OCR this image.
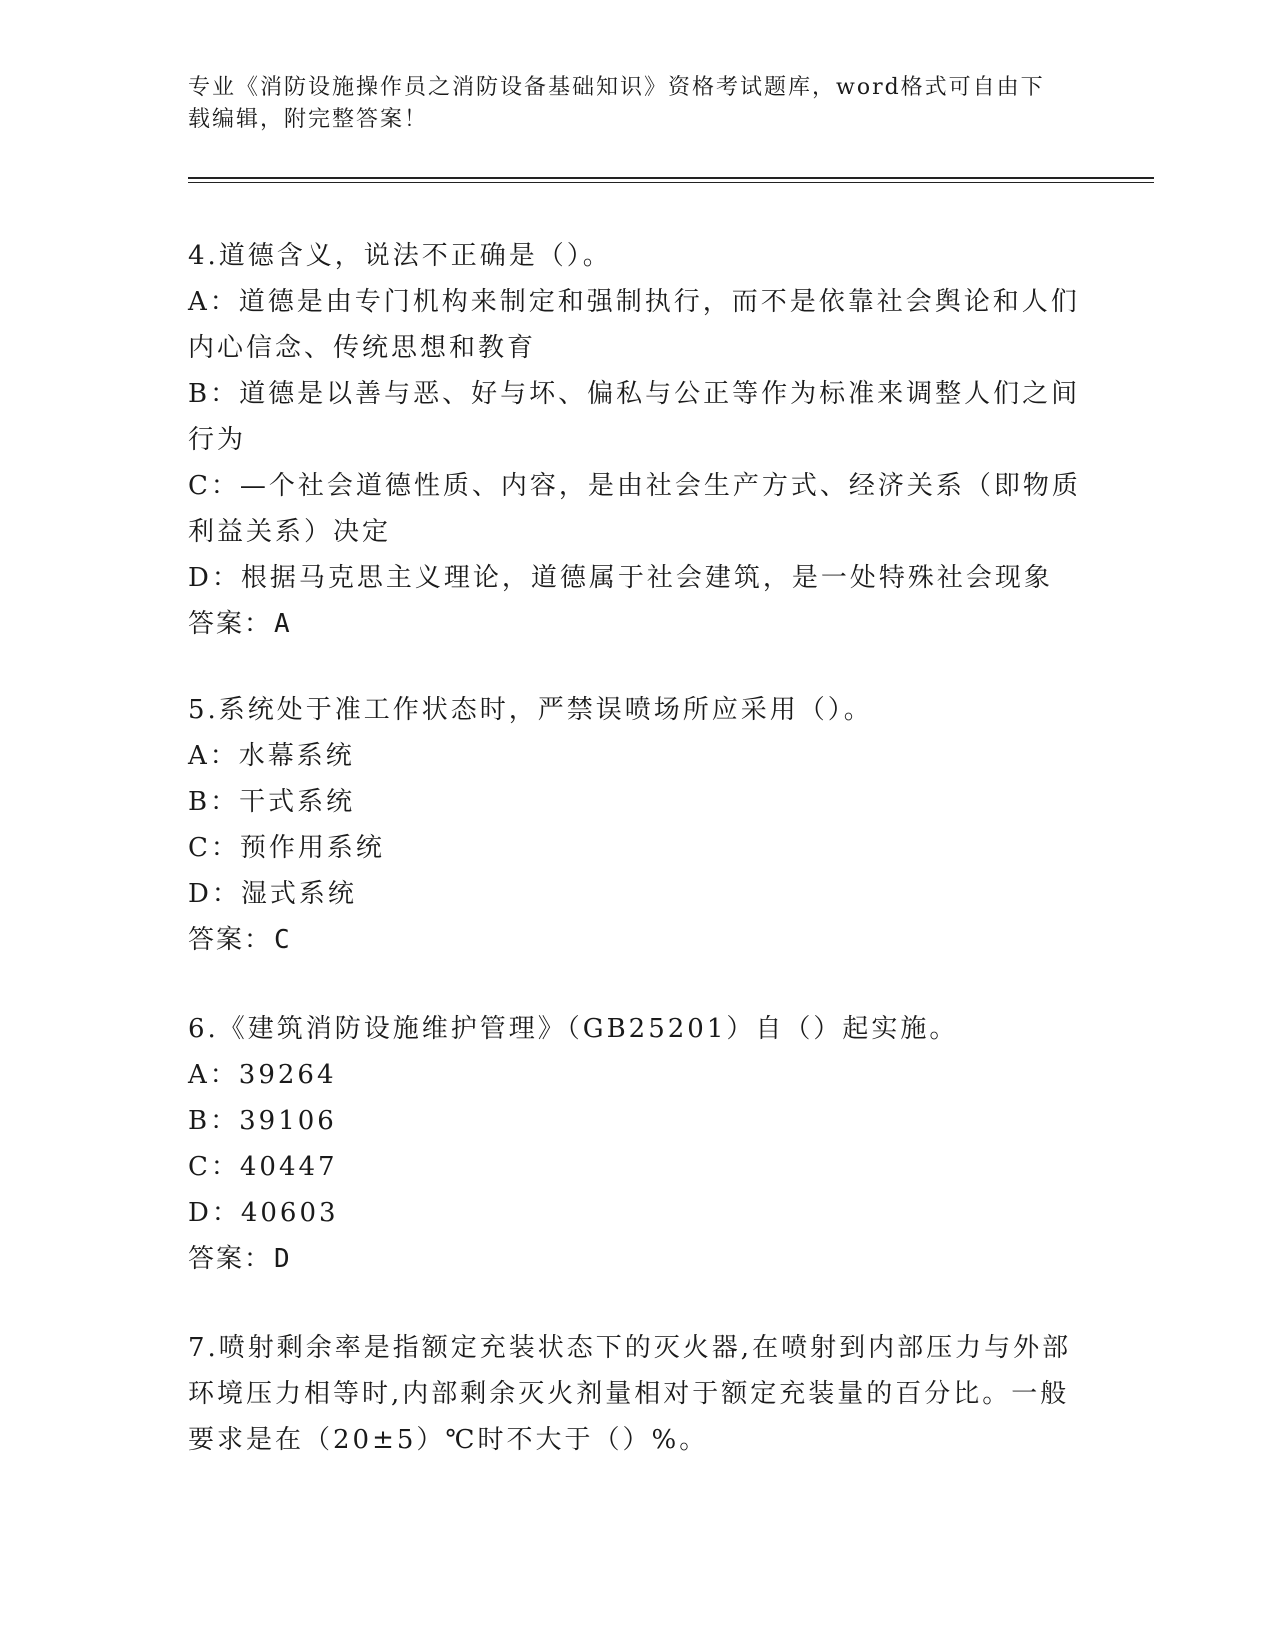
专业《消防设施操作员之消防设备基础知识》资格考试题库，word格式可自由下载编辑，附完整答案！

4.道德含义，说法不正确是（）。

A：道德是由专门机构来制定和强制执行，而不是依靠社会舆论和人们内心信念、传统思想和教育

B：道德是以善与恶、好与坏、偏私与公正等作为标准来调整人们之间行为

C：—个社会道德性质、内容，是由社会生产方式、经济关系（即物质利益关系）决定

D：根据马克思主义理论，道德属于社会建筑，是一处特殊社会现象

答案：A

5.系统处于准工作状态时，严禁误喷场所应采用（）。

A：水幕系统

B：干式系统

C：预作用系统

D：湿式系统

答案：C

6.《建筑消防设施维护管理》（GB25201）自（）起实施。

A：39264

B：39106

C：40447

D：40603

答案：D

7.喷射剩余率是指额定充装状态下的灭火器,在喷射到内部压力与外部环境压力相等时,内部剩余灭火剂量相对于额定充装量的百分比。一般要求是在（20±5）℃时不大于（）%。
